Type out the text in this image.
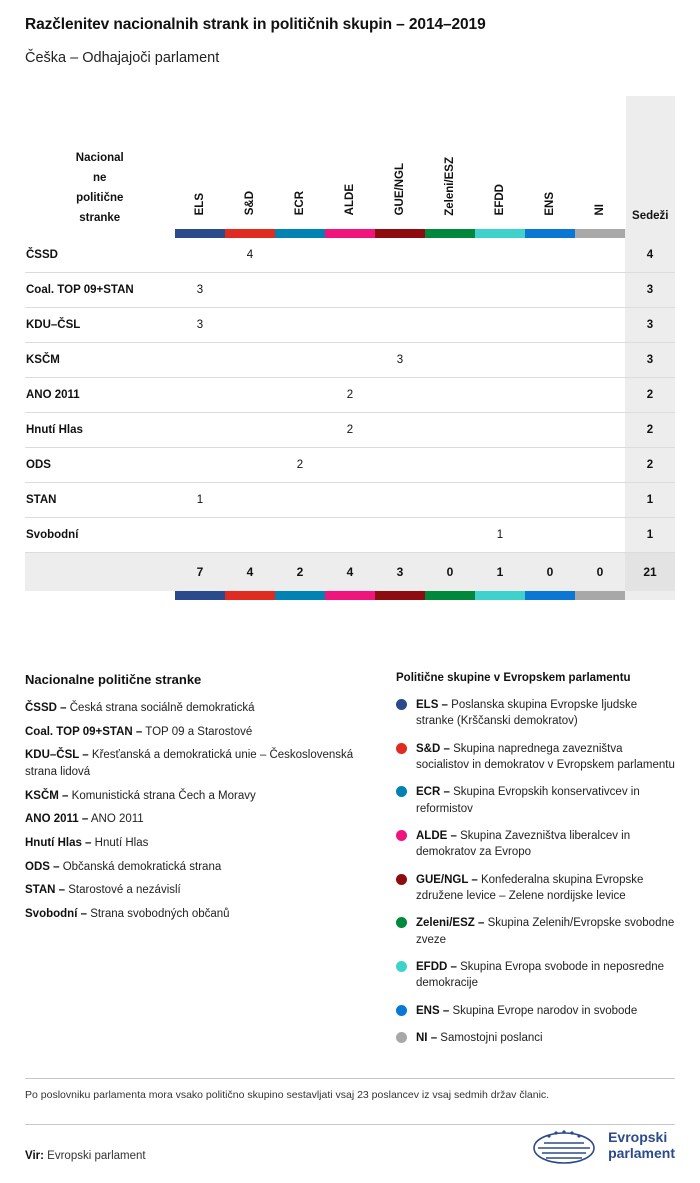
Razčlenitev nacionalnih strank in političnih skupin – 2014–2019
Češka – Odhajajoči parlament
Nacional
ne
politične
stranke	ELS	S&D	ECR	ALDE	GUE/NGL	Zeleni/ESZ	EFDD	ENS	NI	Sedeži

ČSSD		4								4
Coal. TOP 09+STAN	3									3
KDU–ČSL	3									3
KSČM					3					3
ANO 2011				2						2
Hnutí Hlas				2						2
ODS			2							2
STAN	1									1
Svobodní							1			1
	7	4	2	4	3	0	1	0	0	21

Nacionalne politične stranke
ČSSD – Česká strana sociálně demokratická
Coal. TOP 09+STAN – TOP 09 a Starostové
KDU–ČSL – Křesťanská a demokratická unie – Československá strana lidová
KSČM – Komunistická strana Čech a Moravy
ANO 2011 – ANO 2011
Hnutí Hlas – Hnutí Hlas
ODS – Občanská demokratická strana
STAN – Starostové a nezávislí
Svobodní – Strana svobodných občanů
Politične skupine v Evropskem parlamentu
ELS – Poslanska skupina Evropske ljudske stranke (Krščanski demokratov)
S&D – Skupina naprednega zavezništva socialistov in demokratov v Evropskem parlamentu
ECR – Skupina Evropskih konservativcev in reformistov
ALDE – Skupina Zavezništva liberalcev in demokratov za Evropo
GUE/NGL – Konfederalna skupina Evropske združene levice – Zelene nordijske levice
Zeleni/ESZ – Skupina Zelenih/Evropske svobodne zveze
EFDD – Skupina Evropa svobode in neposredne demokracije
ENS – Skupina Evrope narodov in svobode
NI – Samostojni poslanci
Po poslovniku parlamenta mora vsako politično skupino sestavljati vsaj 23 poslancev iz vsaj sedmih držav članic.
Vir: Evropski parlament
Evropski
parlament
